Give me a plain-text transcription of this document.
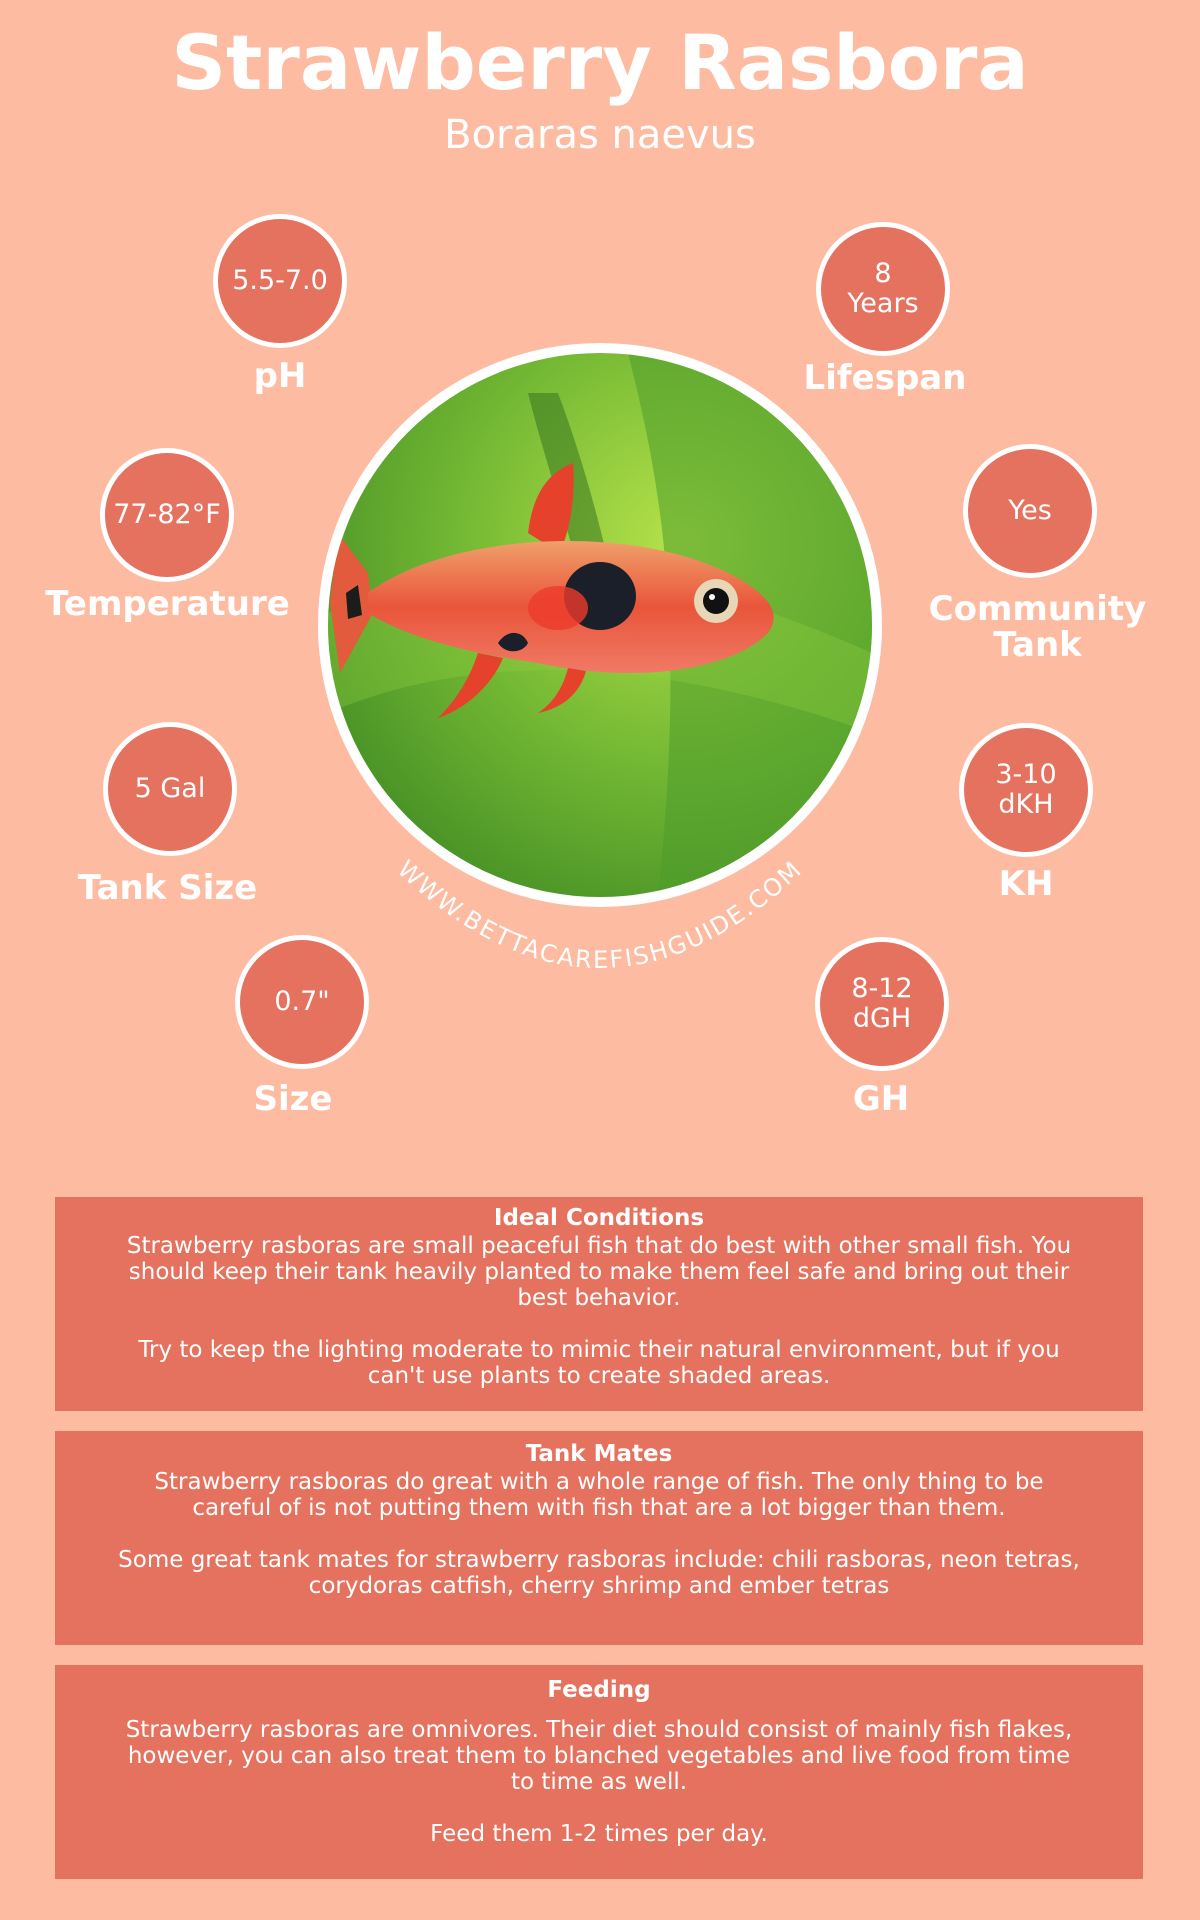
Strawberry Rasbora
Boraras naevus
5.5-7.0
pH
77-82°F
Temperature
5 Gal
Tank Size
0.7"
Size
8
Years
Lifespan
Yes
Community
Tank
3-10
dKH
KH
8-12
dGH
GH
WWW.BETTACAREFISHGUIDE.COM
Ideal Conditions

Strawberry rasboras are small peaceful fish that do best with other small fish. You should keep their tank heavily planted to make them feel safe and bring out their best behavior.

Try to keep the lighting moderate to mimic their natural environment, but if you can't use plants to create shaded areas.

Tank Mates

Strawberry rasboras do great with a whole range of fish. The only thing to be careful of is not putting them with fish that are a lot bigger than them.

Some great tank mates for strawberry rasboras include: chili rasboras, neon tetras, corydoras catfish, cherry shrimp and ember tetras

Feeding

Strawberry rasboras are omnivores. Their diet should consist of mainly fish flakes, however, you can also treat them to blanched vegetables and live food from time to time as well.

Feed them 1-2 times per day.
